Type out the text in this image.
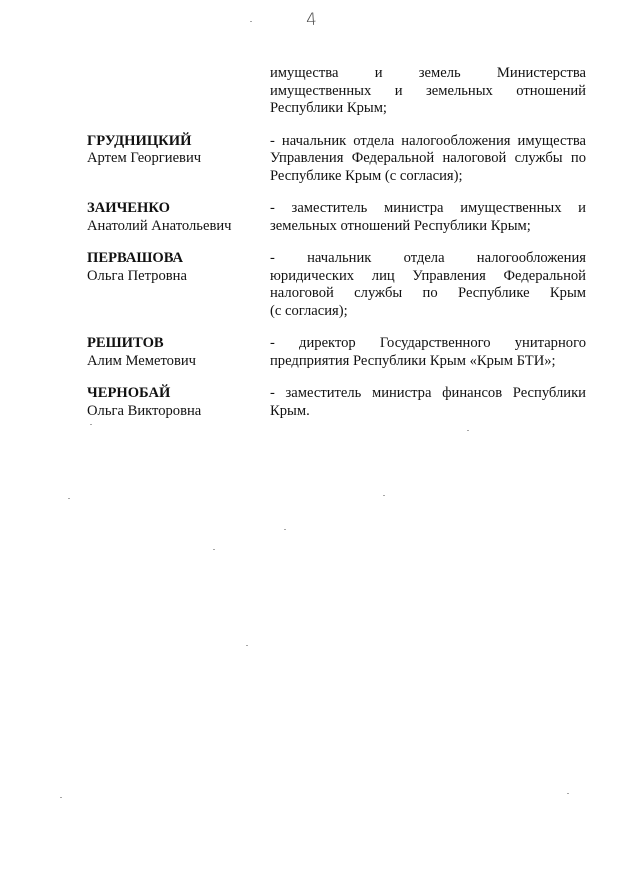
4
имущества и земель Министерства
имущественных и земельных отношений
Республики Крым;
ГРУДНИЦКИЙ
Артем Георгиевич
- начальник отдела налогообложения имущества
Управления Федеральной налоговой службы по
Республике Крым (с согласия);
ЗАИЧЕНКО
Анатолий Анатольевич
- заместитель министра имущественных и
земельных отношений Республики Крым;
ПЕРВАШОВА
Ольга Петровна
- начальник отдела налогообложения
юридических лиц Управления Федеральной
налоговой службы по Республике Крым
(с согласия);
РЕШИТОВ
Алим Меметович
- директор Государственного унитарного
предприятия Республики Крым «Крым БТИ»;
ЧЕРНОБАЙ
Ольга Викторовна
- заместитель министра финансов Республики
Крым.
